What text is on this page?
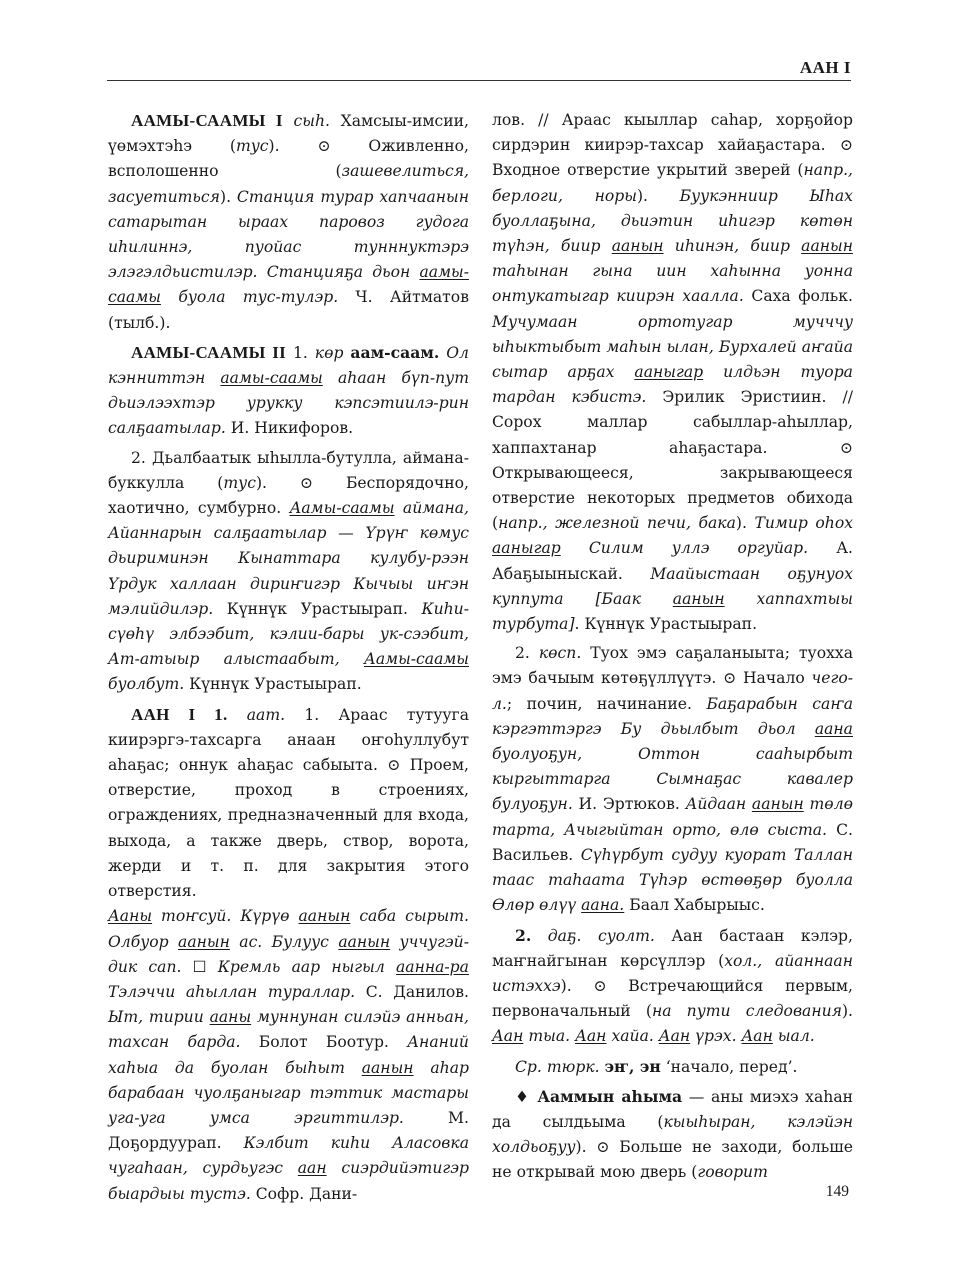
ААН I

ААМЫ-СААМЫ I сыһ. Хамсыы-имсии, үөмэхтэһэ (тус). ⊙ Оживленно, всполошенно (зашевелиться, засуетиться). Станция турар хапчаанын сатарытан ыраах паровоз гудога иһилиннэ, пуойас тунннуктэрэ элэгэлдьистилэр. Станцияҕа дьон аамы-саамы буола тус-тулэр. Ч. Айтматов (тылб.).

ААМЫ-СААМЫ II 1. көр аам-саам. Ол кэнниттэн аамы-саамы аһаан бүп-пут дьиэлээхтэр урукку кэпсэтиилэ-рин салҕаатылар. И. Никифоров.

2. Дьалбаатык ыһылла-бутулла, аймана-буккулла (тус). ⊙ Беспорядочно, хаотично, сумбурно. Аамы-саамы аймана, Айаннарын салҕаатылар — Үрүҥ көмус дьириминэн Кынаттара кулубу-рээн Үрдук халлаан дириҥигэр Кычыы иҥэн мэлийдилэр. Күннүк Урастыырап. Киһи-сүөһү элбээбит, кэлии-бары ук-сээбит, Ат-атыыр алыстаабыт, Аамы-саамы буолбут. Күннүк Урастыырап.

ААН I 1. аат. 1. Араас тутууга киирэргэ-тахсарга анаан оҥоһуллубут аһаҕас; оннук аһаҕас сабыыта. ⊙ Проем, отверстие, проход в строениях, ограждениях, предназначенный для входа, выхода, а также дверь, створ, ворота, жерди и т. п. для закрытия этого отверстия.

Ааны тоҥсуй. Күрүө аанын саба сырыт. Олбуор аанын ас. Булуус аанын уччугэй-дик сап. ☐ Кремль аар ныгыл аанна-ра Тэлэччи аһыллан тураллар. С. Данилов. Ыт, тирии ааны муннунан силэйэ анньан, тахсан барда. Болот Боотур. Ананий хаһыа да буолан быһыт аанын аһар барабаан чуолҕаныгар тэттик мастары уга-уга умса эргиттилэр.	М. Доҕордуурап. Кэлбит киһи Аласовка чугаһаан, сурдьугэс аан сиэрдийэтигэр быардыы тустэ. Софр. Дани-

лов. // Араас кыыллар саһар, хорҕойор сирдэрин киирэр-тахсар хайаҕастара. ⊙ Входное отверстие укрытий зверей (напр., берлоги, норы). Буукэнниир Ыһах буоллаҕына, дьиэтин иһигэр көтөн түһэн, биир аанын иһинэн, биир аанын таһынан гына иин хаһынна уонна онтукатыгар киирэн хаалла. Саха фольк. Мучумаан ортотугар мучччу ыһыктыбыт маһын ылан, Бурхалей аҥайа сытар арҕах ааныгар илдьэн туора тардан кэбистэ. Эрилик Эристиин. // Сорох маллар сабыллар-аһыллар, хаппахтанар аһаҕастара.	⊙ Открывающееся, закрывающееся отверстие некоторых предметов обихода (напр., железной печи, бака). Тимир оһох ааныгар Силим уллэ оргуйар. А. Абаҕыыныскай. Маайыстаан оҕунуох куппута [Баак аанын хаппахтыы турбута]. Күннүк Урастыырап.

2. көсп. Туох эмэ саҕаланыыта; туохха эмэ бачыым көтөҕүллүүтэ. ⊙ Начало чего-л.; почин, начинание. Баҕарабын саҥа кэргэттэргэ Бу дьылбыт дьол аана буолуоҕун, Оттон сааһырбыт кыргыттарга Сымнаҕас кавалер булуоҕун. И. Эртюков. Айдаан аанын төлө тарта, Ачыгыйтан орто, өлө сыста. С. Васильев. Сүһүрбут судуу куорат Таллан таас таһаата Түһэр өстөөҕөр буолла Өлөр өлүү аана. Баал Хабырыыс.

2. даҕ. суолт. Аан бастаан кэлэр, маҥнайгынан көрсүллэр (хол., айаннаан истэххэ). ⊙ Встречающийся первым, первоначальный (на пути следования). Аан тыа. Аан хайа. Аан үрэх. Аан ыал.

Ср. тюрк. эҥ, эн ‘начало, перед’.

♦ Ааммын аһыма — аны миэхэ хаһан да сылдьыма (кыыһыран, кэлэйэн холдьоҕуу). ⊙ Больше не заходи, больше не открывай мою дверь (говорит

149
